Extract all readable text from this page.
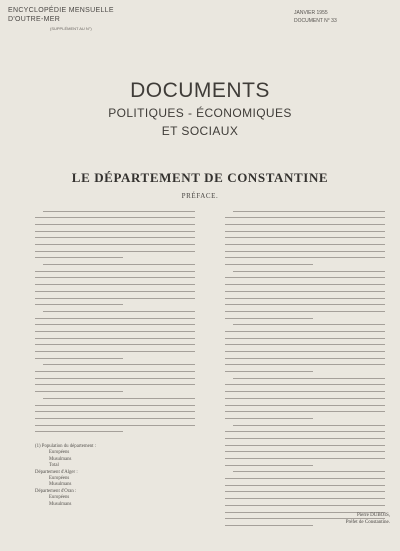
ENCYCLOPÉDIE MENSUELLE
D'OUTRE-MER
(SUPPLÉMENT AU N°)
JANVIER 1955
DOCUMENT N° 33
DOCUMENTS
POLITIQUES - ÉCONOMIQUES
ET SOCIAUX
LE DÉPARTEMENT DE CONSTANTINE
PRÉFACE.
(1) Population du département :
Européens
Musulmans
Total
Département d'Alger :
Européens
Musulmans
Département d'Oran :
Européens
Musulmans
Pierre DUBOIS,
Préfet de Constantine.
